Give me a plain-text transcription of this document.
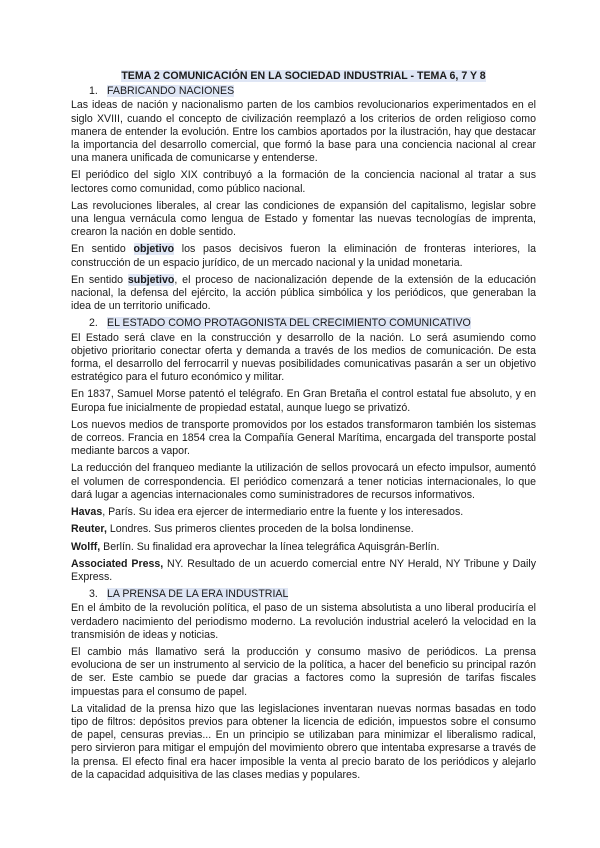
TEMA 2 COMUNICACIÓN EN LA SOCIEDAD INDUSTRIAL - TEMA 6, 7 Y 8
1. FABRICANDO NACIONES

Las ideas de nación y nacionalismo parten de los cambios revolucionarios experimentados en el siglo XVIII, cuando el concepto de civilización reemplazó a los criterios de orden religioso como manera de entender la evolución. Entre los cambios aportados por la ilustración, hay que destacar la importancia del desarrollo comercial, que formó la base para una conciencia nacional al crear una manera unificada de comunicarse y entenderse.

El periódico del siglo XIX contribuyó a la formación de la conciencia nacional al tratar a sus lectores como comunidad, como público nacional.

Las revoluciones liberales, al crear las condiciones de expansión del capitalismo, legislar sobre una lengua vernácula como lengua de Estado y fomentar las nuevas tecnologías de imprenta, crearon la nación en doble sentido.

En sentido objetivo los pasos decisivos fueron la eliminación de fronteras interiores, la construcción de un espacio jurídico, de un mercado nacional y la unidad monetaria.

En sentido subjetivo, el proceso de nacionalización depende de la extensión de la educación nacional, la defensa del ejército, la acción pública simbólica y los periódicos, que generaban la idea de un territorio unificado.

2. EL ESTADO COMO PROTAGONISTA DEL CRECIMIENTO COMUNICATIVO

El Estado será clave en la construcción y desarrollo de la nación. Lo será asumiendo como objetivo prioritario conectar oferta y demanda a través de los medios de comunicación. De esta forma, el desarrollo del ferrocarril y nuevas posibilidades comunicativas pasarán a ser un objetivo estratégico para el futuro económico y militar.

En 1837, Samuel Morse patentó el telégrafo. En Gran Bretaña el control estatal fue absoluto, y en Europa fue inicialmente de propiedad estatal, aunque luego se privatizó.

Los nuevos medios de transporte promovidos por los estados transformaron también los sistemas de correos. Francia en 1854 crea la Compañía General Marítima, encargada del transporte postal mediante barcos a vapor.

La reducción del franqueo mediante la utilización de sellos provocará un efecto impulsor, aumentó el volumen de correspondencia. El periódico comenzará a tener noticias internacionales, lo que dará lugar a agencias internacionales como suministradores de recursos informativos.

Havas, París. Su idea era ejercer de intermediario entre la fuente y los interesados.

Reuter, Londres. Sus primeros clientes proceden de la bolsa londinense.

Wolff, Berlín. Su finalidad era aprovechar la línea telegráfica Aquisgrán-Berlín.

Associated Press, NY. Resultado de un acuerdo comercial entre NY Herald, NY Tribune y Daily Express.

3. LA PRENSA DE LA ERA INDUSTRIAL

En el ámbito de la revolución política, el paso de un sistema absolutista a uno liberal produciría el verdadero nacimiento del periodismo moderno. La revolución industrial aceleró la velocidad en la transmisión de ideas y noticias.

El cambio más llamativo será la producción y consumo masivo de periódicos. La prensa evoluciona de ser un instrumento al servicio de la política, a hacer del beneficio su principal razón de ser. Este cambio se puede dar gracias a factores como la supresión de tarifas fiscales impuestas para el consumo de papel.

La vitalidad de la prensa hizo que las legislaciones inventaran nuevas normas basadas en todo tipo de filtros: depósitos previos para obtener la licencia de edición, impuestos sobre el consumo de papel, censuras previas... En un principio se utilizaban para minimizar el liberalismo radical, pero sirvieron para mitigar el empujón del movimiento obrero que intentaba expresarse a través de la prensa. El efecto final era hacer imposible la venta al precio barato de los periódicos y alejarlo de la capacidad adquisitiva de las clases medias y populares.
